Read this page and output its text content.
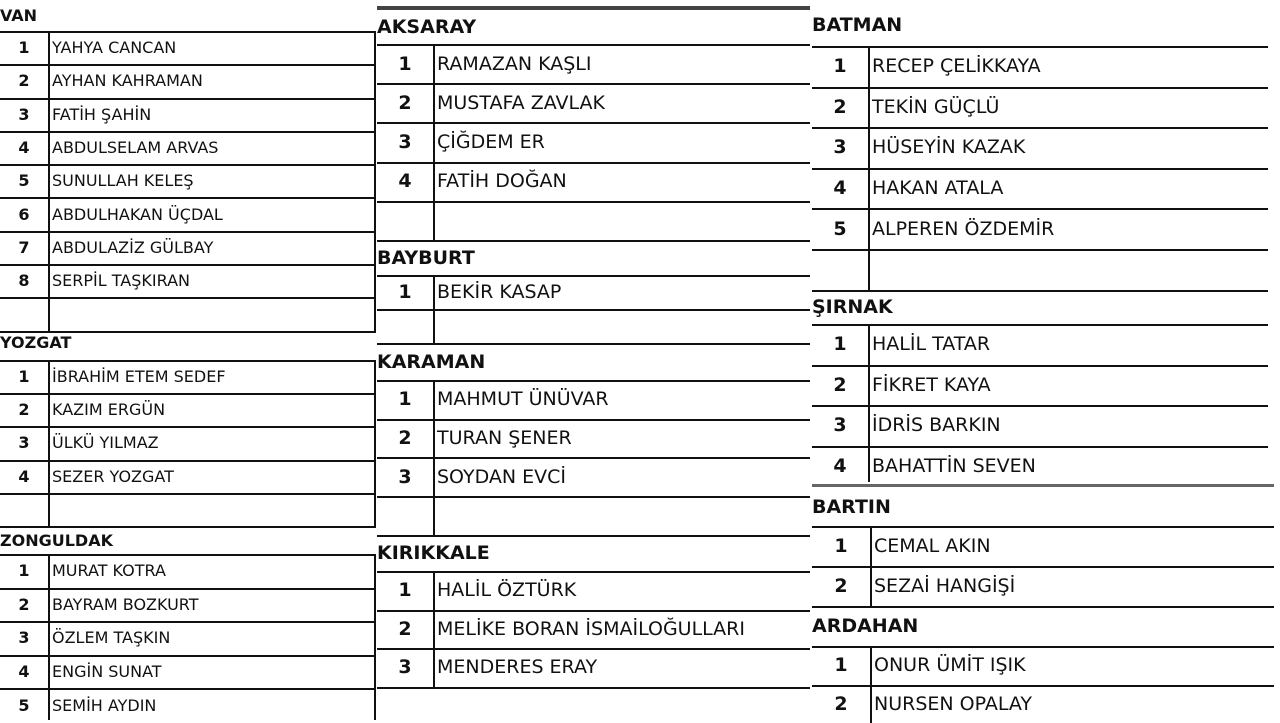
VAN
1	YAHYA CANCAN
2	AYHAN KAHRAMAN
3	FATİH ŞAHİN
4	ABDULSELAM ARVAS
5	SUNULLAH KELEŞ
6	ABDULHAKAN ÜÇDAL
7	ABDULAZİZ GÜLBAY
8	SERPİL TAŞKIRAN
YOZGAT
1	İBRAHİM ETEM SEDEF
2	KAZIM ERGÜN
3	ÜLKÜ YILMAZ
4	SEZER YOZGAT
ZONGULDAK
1	MURAT KOTRA
2	BAYRAM BOZKURT
3	ÖZLEM TAŞKIN
4	ENGİN SUNAT
5	SEMİH AYDIN
AKSARAY
1	RAMAZAN KAŞLI
2	MUSTAFA ZAVLAK
3	ÇİĞDEM ER
4	FATİH DOĞAN
BAYBURT
1	BEKİR KASAP
KARAMAN
1	MAHMUT ÜNÜVAR
2	TURAN ŞENER
3	SOYDAN EVCİ
KIRIKKALE
1	HALİL ÖZTÜRK
2	MELİKE BORAN İSMAİLOĞULLARI
3	MENDERES ERAY
BATMAN
1	RECEP ÇELİKKAYA
2	TEKİN GÜÇLÜ
3	HÜSEYİN KAZAK
4	HAKAN ATALA
5	ALPEREN ÖZDEMİR
ŞIRNAK
1	HALİL TATAR
2	FİKRET KAYA
3	İDRİS BARKIN
4	BAHATTİN SEVEN
BARTIN
1	CEMAL AKIN
2	SEZAİ HANGİŞİ
ARDAHAN
1	ONUR ÜMİT IŞIK
2	NURSEN OPALAY
